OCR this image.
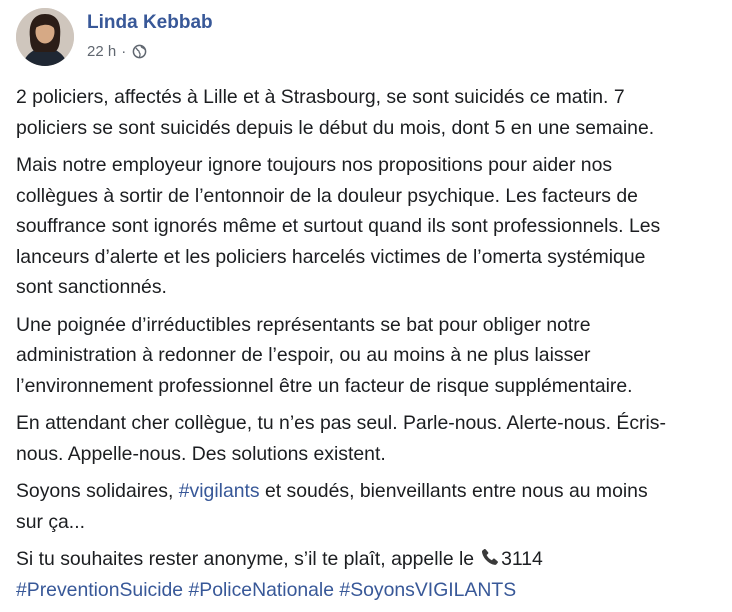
Linda Kebbab
22 h ·

2 policiers, affectés à Lille et à Strasbourg, se sont suicidés ce matin. 7
policiers se sont suicidés depuis le début du mois, dont 5 en une semaine.

Mais notre employeur ignore toujours nos propositions pour aider nos
collègues à sortir de l’entonnoir de la douleur psychique. Les facteurs de
souffrance sont ignorés même et surtout quand ils sont professionnels. Les
lanceurs d’alerte et les policiers harcelés victimes de l’omerta systémique
sont sanctionnés.

Une poignée d’irréductibles représentants se bat pour obliger notre
administration à redonner de l’espoir, ou au moins à ne plus laisser
l’environnement professionnel être un facteur de risque supplémentaire.

En attendant cher collègue, tu n’es pas seul. Parle-nous. Alerte-nous. Écris-
nous. Appelle-nous. Des solutions existent.

Soyons solidaires, #vigilants et soudés, bienveillants entre nous au moins
sur ça...

Si tu souhaites rester anonyme, s’il te plaît, appelle le 3114
#PreventionSuicide #PoliceNationale #SoyonsVIGILANTS
